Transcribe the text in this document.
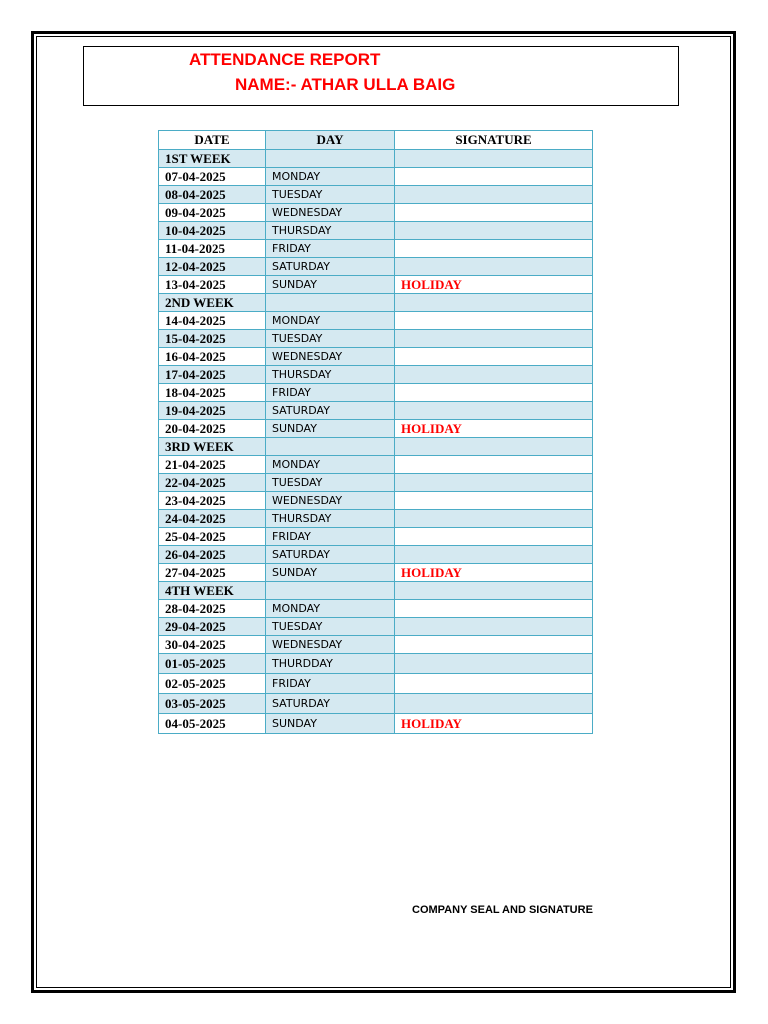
ATTENDANCE REPORT
NAME:- ATHAR ULLA BAIG
DATE	DAY	SIGNATURE
1ST WEEK		
07-04-2025	MONDAY	
08-04-2025	TUESDAY	
09-04-2025	WEDNESDAY	
10-04-2025	THURSDAY	
11-04-2025	FRIDAY	
12-04-2025	SATURDAY	
13-04-2025	SUNDAY	HOLIDAY
2ND WEEK		
14-04-2025	MONDAY	
15-04-2025	TUESDAY	
16-04-2025	WEDNESDAY	
17-04-2025	THURSDAY	
18-04-2025	FRIDAY	
19-04-2025	SATURDAY	
20-04-2025	SUNDAY	HOLIDAY
3RD WEEK		
21-04-2025	MONDAY	
22-04-2025	TUESDAY	
23-04-2025	WEDNESDAY	
24-04-2025	THURSDAY	
25-04-2025	FRIDAY	
26-04-2025	SATURDAY	
27-04-2025	SUNDAY	HOLIDAY
4TH WEEK		
28-04-2025	MONDAY	
29-04-2025	TUESDAY	
30-04-2025	WEDNESDAY	
01-05-2025	THURDDAY	
02-05-2025	FRIDAY	
03-05-2025	SATURDAY	
04-05-2025	SUNDAY	HOLIDAY
COMPANY SEAL AND SIGNATURE
